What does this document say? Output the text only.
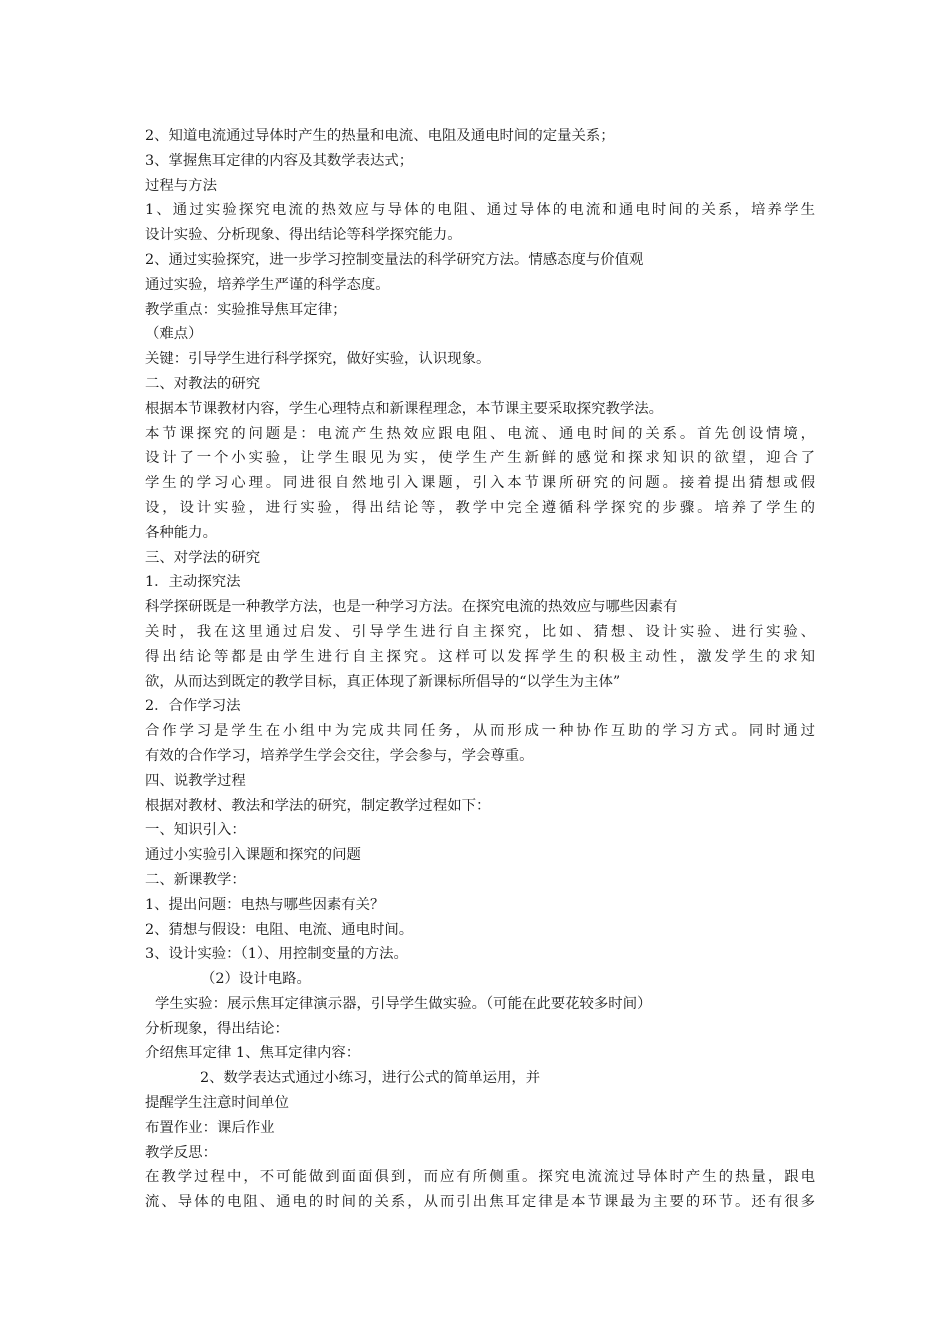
2、知道电流通过导体时产生的热量和电流、电阻及通电时间的定量关系；
3、掌握焦耳定律的内容及其数学表达式；
过程与方法
1、通过实验探究电流的热效应与导体的电阻、通过导体的电流和通电时间的关系，培养学生
设计实验、分析现象、得出结论等科学探究能力。
2、通过实验探究，进一步学习控制变量法的科学研究方法。情感态度与价值观
通过实验，培养学生严谨的科学态度。
教学重点：实验推导焦耳定律；
（难点）
关键：引导学生进行科学探究，做好实验，认识现象。
二、对教法的研究
根据本节课教材内容，学生心理特点和新课程理念，本节课主要采取探究教学法。
本节课探究的问题是：电流产生热效应跟电阻、电流、通电时间的关系。首先创设情境，
设计了一个小实验，让学生眼见为实，使学生产生新鲜的感觉和探求知识的欲望，迎合了
学生的学习心理。同进很自然地引入课题，引入本节课所研究的问题。接着提出猜想或假
设，设计实验，进行实验，得出结论等，教学中完全遵循科学探究的步骤。培养了学生的
各种能力。
三、对学法的研究
1．主动探究法
科学探研既是一种教学方法，也是一种学习方法。在探究电流的热效应与哪些因素有
关时，我在这里通过启发、引导学生进行自主探究，比如、猜想、设计实验、进行实验、
得出结论等都是由学生进行自主探究。这样可以发挥学生的积极主动性，激发学生的求知
欲，从而达到既定的教学目标，真正体现了新课标所倡导的“以学生为主体”
2．合作学习法
合作学习是学生在小组中为完成共同任务，从而形成一种协作互助的学习方式。同时通过
有效的合作学习，培养学生学会交往，学会参与，学会尊重。
四、说教学过程
根据对教材、教法和学法的研究，制定教学过程如下：
一、知识引入：
通过小实验引入课题和探究的问题
二、新课教学：
1、提出问题：电热与哪些因素有关？
2、猜想与假设：电阻、电流、通电时间。
3、设计实验：（1）、用控制变量的方法。
（2）设计电路。
学生实验：展示焦耳定律演示器，引导学生做实验。（可能在此要花较多时间）
分析现象，得出结论：
介绍焦耳定律 1、焦耳定律内容：
2、数学表达式通过小练习，进行公式的简单运用，并
提醒学生注意时间单位
布置作业：课后作业
教学反思：
在教学过程中，不可能做到面面俱到，而应有所侧重。探究电流流过导体时产生的热量，跟电
流、导体的电阻、通电的时间的关系，从而引出焦耳定律是本节课最为主要的环节。还有很多
